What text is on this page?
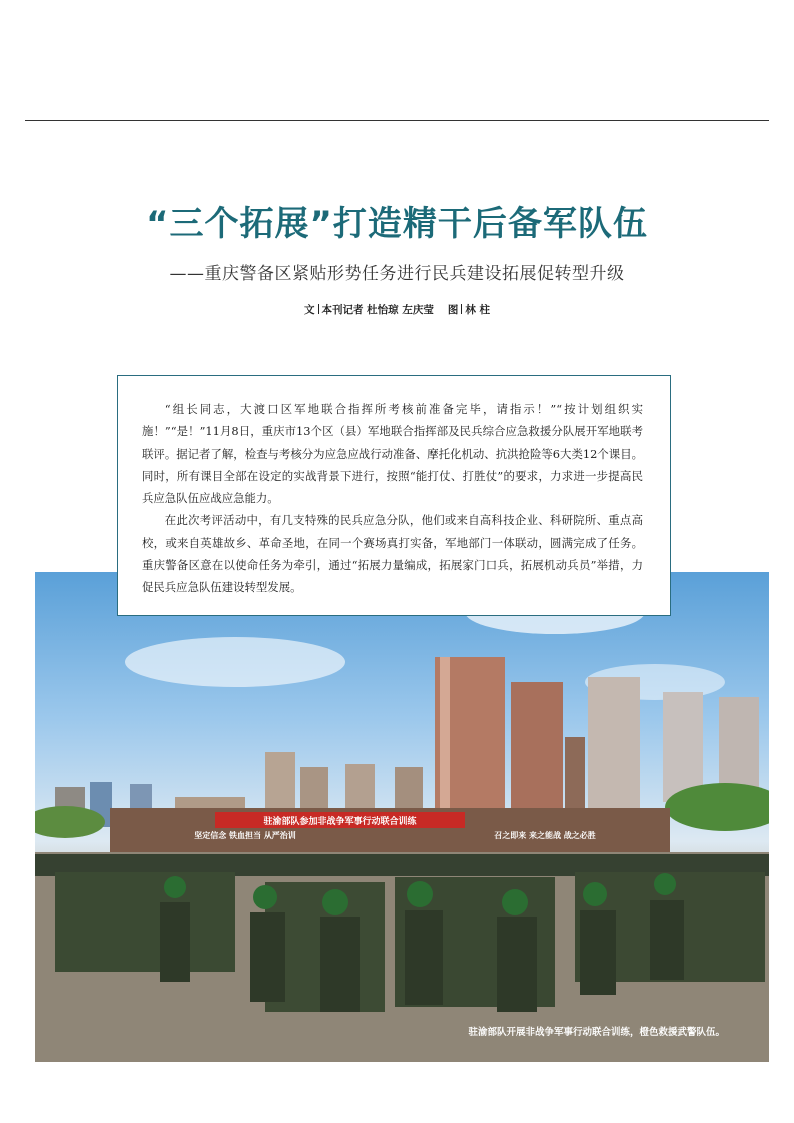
“三个拓展”打造精干后备军队伍
——重庆警备区紧贴形势任务进行民兵建设拓展促转型升级
文 本刊记者 杜怡琼 左庆莹 图 林 柱
驻渝部队参加非战争军事行动联合训练
坚定信念 铁血担当 从严治训	召之即来 来之能战 战之必胜
驻渝部队开展非战争军事行动联合训练，橙色救援武警队伍。

“组长同志，大渡口区军地联合指挥所考核前准备完毕，请指示！”“按计划组织实施！”“是！”11月8日，重庆市13个区（县）军地联合指挥部及民兵综合应急救援分队展开军地联考联评。据记者了解，检查与考核分为应急应战行动准备、摩托化机动、抗洪抢险等6大类12个课目。同时，所有课目全部在设定的实战背景下进行，按照“能打仗、打胜仗”的要求，力求进一步提高民兵应急队伍应战应急能力。

在此次考评活动中，有几支特殊的民兵应急分队，他们或来自高科技企业、科研院所、重点高校，或来自英雄故乡、革命圣地，在同一个赛场真打实备，军地部门一体联动，圆满完成了任务。重庆警备区意在以使命任务为牵引，通过“拓展力量编成，拓展家门口兵，拓展机动兵员”举措，力促民兵应急队伍建设转型发展。
